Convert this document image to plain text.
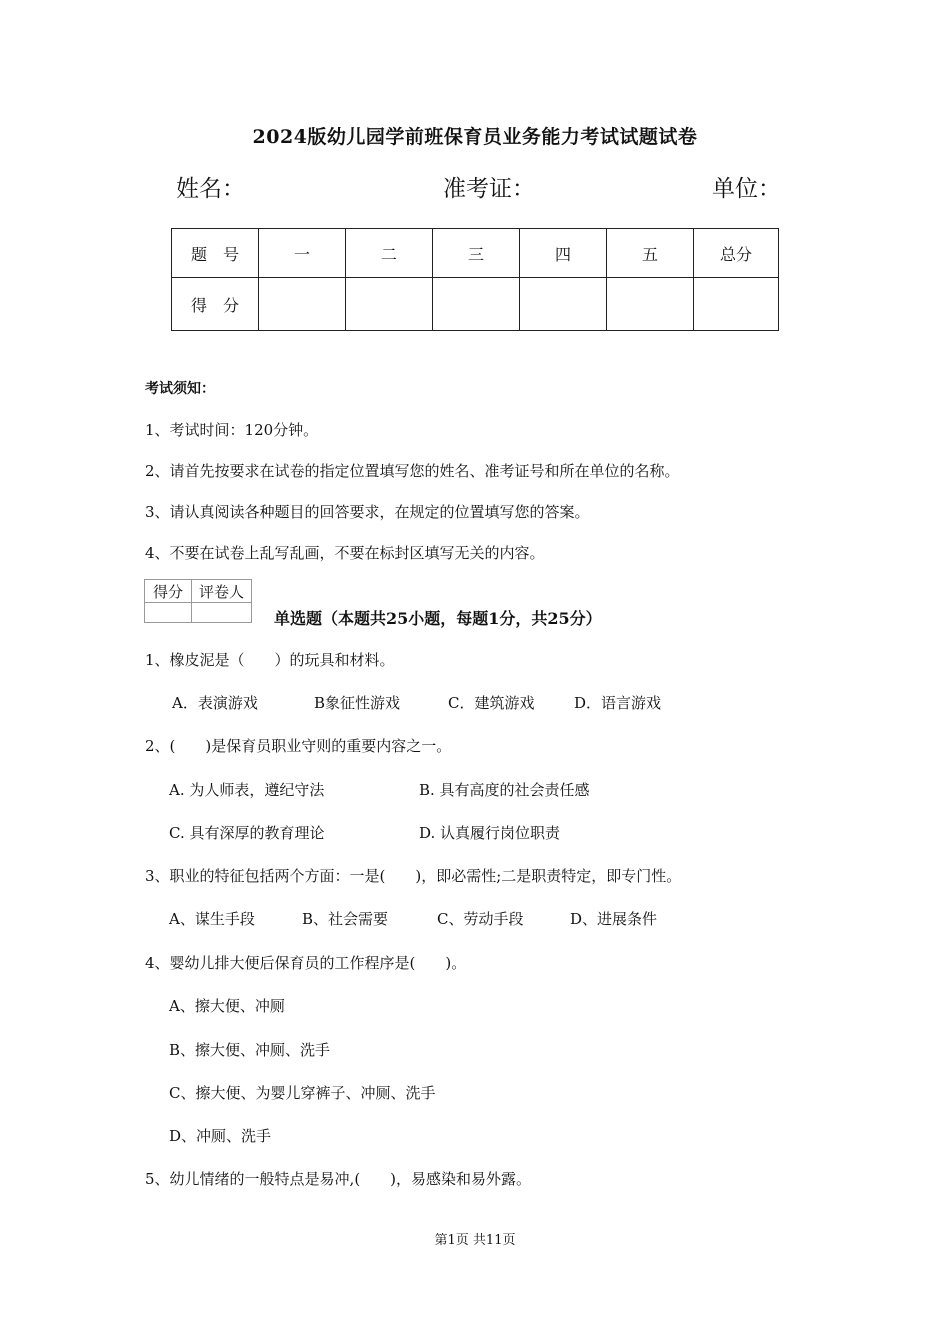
2024版幼儿园学前班保育员业务能力考试试题试卷
姓名：	准考证：	单位：
题　号	一	二	三	四	五	总分
得　分						
考试须知：
1、考试时间：120分钟。
2、请首先按要求在试卷的指定位置填写您的姓名、准考证号和所在单位的名称。
3、请认真阅读各种题目的回答要求，在规定的位置填写您的答案。
4、不要在试卷上乱写乱画，不要在标封区填写无关的内容。
得分	评卷人

单选题（本题共25小题，每题1分，共25分）
1、橡皮泥是（　　）的玩具和材料。
A．表演游戏	B象征性游戏	C．建筑游戏	D．语言游戏
2、(　　)是保育员职业守则的重要内容之一。
A. 为人师表，遵纪守法	B. 具有高度的社会责任感
C. 具有深厚的教育理论	D. 认真履行岗位职责
3、职业的特征包括两个方面：一是(　　)，即必需性;二是职责特定，即专门性。
A、谋生手段	B、社会需要	C、劳动手段	D、进展条件
4、婴幼儿排大便后保育员的工作程序是(　　)。
A、擦大便、冲厕
B、擦大便、冲厕、洗手
C、擦大便、为婴儿穿裤子、冲厕、洗手
D、冲厕、洗手
5、幼儿情绪的一般特点是易冲,(　　)，易感染和易外露。
第1页 共11页
